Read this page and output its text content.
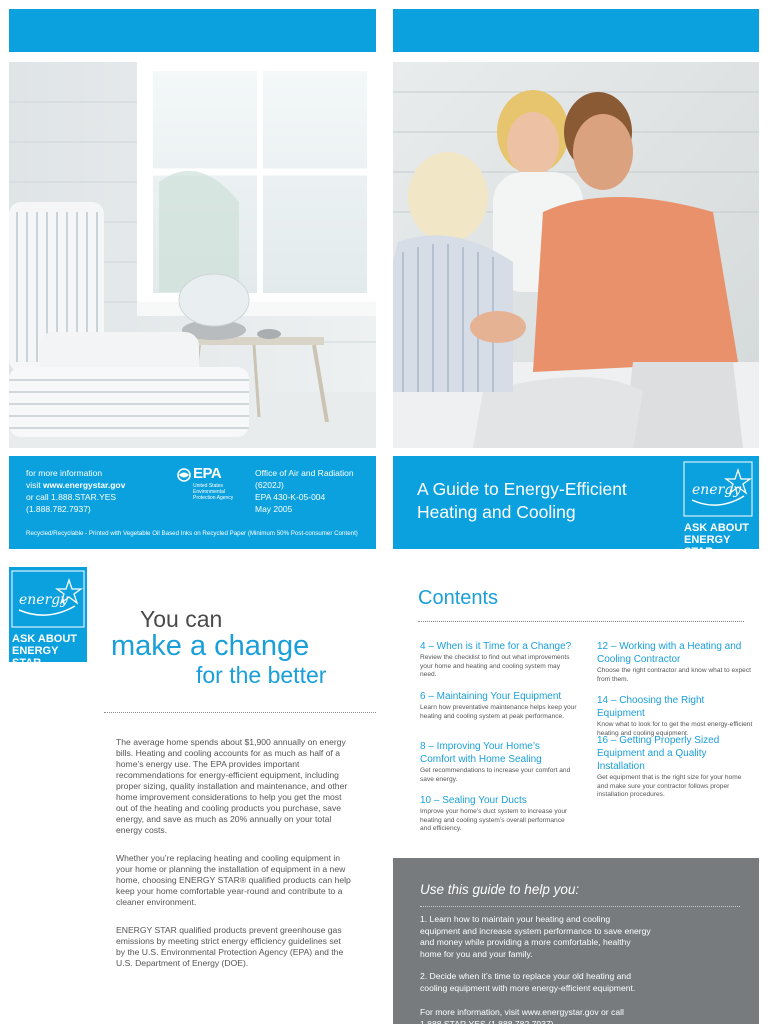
for more information
visit www.energystar.gov
or call 1.888.STAR.YES
(1.888.782.7937)
EPA
United States
Environmental
Protection Agency
Office of Air and Radiation
(6202J)
EPA 430-K-05-004
May 2005
Recycled/Recyclable - Printed with Vegetable Oil Based Inks on Recycled Paper (Minimum 50% Post-consumer Content)
A Guide to Energy-Efficient
Heating and Cooling
energy
ASK ABOUT
ENERGY STAR
energy
ASK ABOUT
ENERGY STAR
You can
make a change
for the better
The average home spends about $1,900 annually on energy bills. Heating and cooling accounts for as much as half of a home’s energy use. The EPA provides important recommendations for energy-efficient equipment, including proper sizing, quality installation and maintenance, and other home improvement considerations to help you get the most out of the heating and cooling products you purchase, save energy, and save as much as 20% annually on your total energy costs.
Whether you’re replacing heating and cooling equipment in your home or planning the installation of equipment in a new home, choosing ENERGY STAR® qualified products can help keep your home comfortable year-round and contribute to a cleaner environment.
ENERGY STAR qualified products prevent greenhouse gas emissions by meeting strict energy efficiency guidelines set by the U.S. Environmental Protection Agency (EPA) and the U.S. Department of Energy (DOE).
Contents
4 – When is it Time for a Change?
Review the checklist to find out what improvements your home and heating and cooling system may need.
6 – Maintaining Your Equipment
Learn how preventative maintenance helps keep your heating and cooling system at peak performance.
8 – Improving Your Home’s Comfort with Home Sealing
Get recommendations to increase your comfort and save energy.
10 – Sealing Your Ducts
Improve your home’s duct system to increase your heating and cooling system’s overall performance and efficiency.
12 – Working with a Heating and Cooling Contractor
Choose the right contractor and know what to expect from them.
14 – Choosing the Right Equipment
Know what to look for to get the most energy-efficient heating and cooling equipment.
16 – Getting Properly Sized Equipment and a Quality Installation
Get equipment that is the right size for your home and make sure your contractor follows proper installation procedures.
Use this guide to help you:
1. Learn how to maintain your heating and cooling equipment and increase system performance to save energy and money while providing a more comfortable, healthy home for you and your family.
2. Decide when it’s time to replace your old heating and cooling equipment with more energy-efficient equipment.
For more information, visit www.energystar.gov or call 1.888.STAR.YES (1.888.782.7937).
